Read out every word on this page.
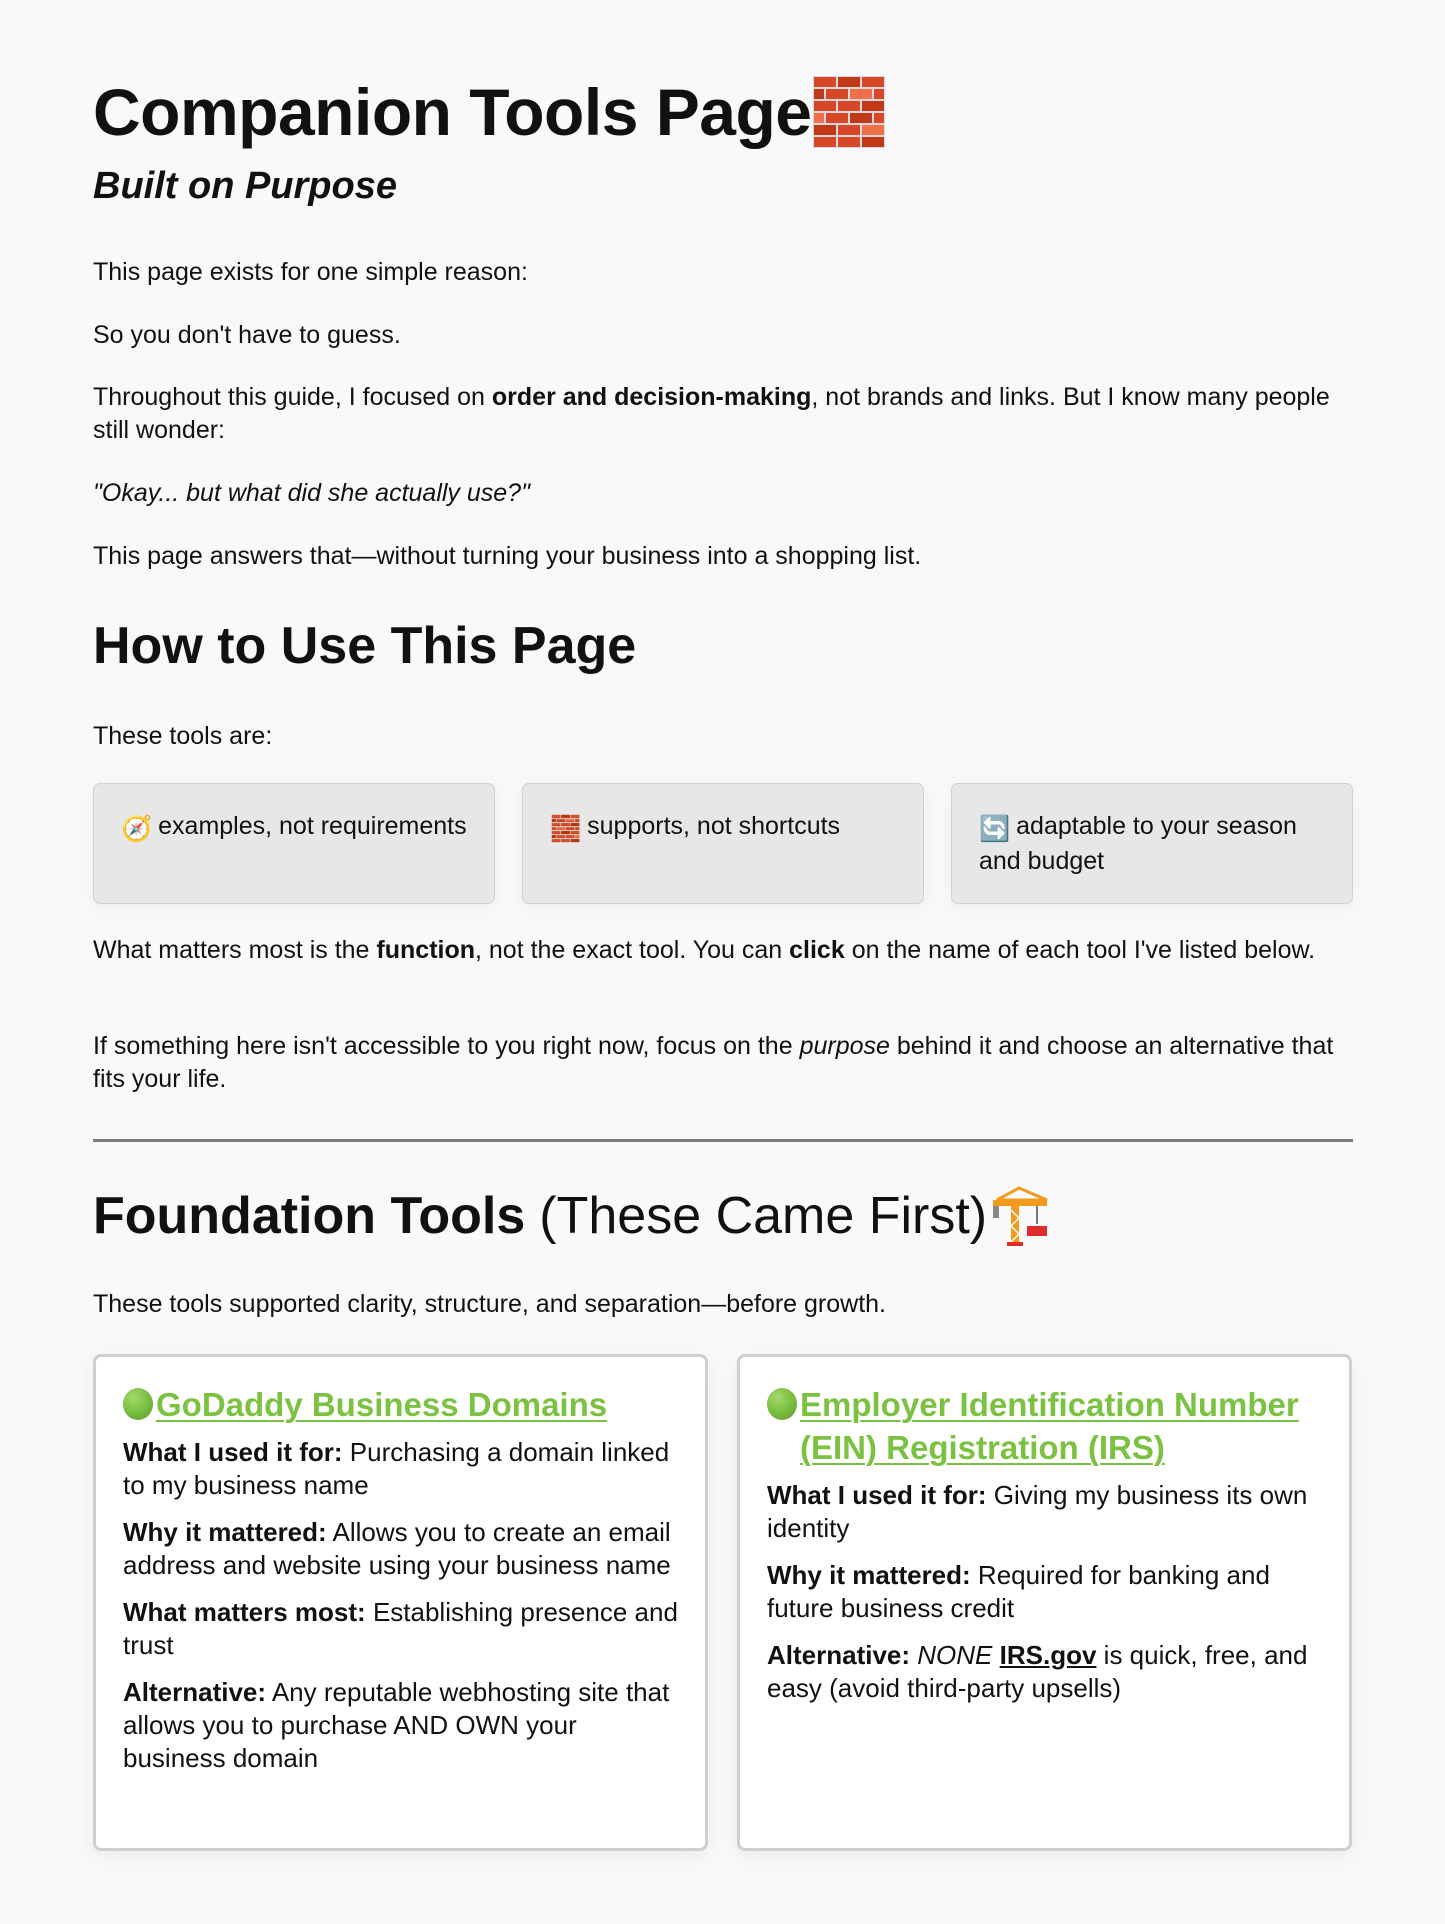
Companion Tools Page
Built on Purpose

This page exists for one simple reason:

So you don't have to guess.

Throughout this guide, I focused on order and decision-making, not brands and links. But I know many people still wonder:

"Okay... but what did she actually use?"

This page answers that—without turning your business into a shopping list.

How to Use This Page

These tools are:

🧭 examples, not requirements	🧱 supports, not shortcuts	🔄 adaptable to your season and budget

What matters most is the function, not the exact tool. You can click on the name of each tool I've listed below.

If something here isn't accessible to you right now, focus on the purpose behind it and choose an alternative that fits your life.

Foundation Tools (These Came First)

These tools supported clarity, structure, and separation—before growth.

GoDaddy Business Domains

What I used it for: Purchasing a domain linked to my business name

Why it mattered: Allows you to create an email address and website using your business name

What matters most: Establishing presence and trust

Alternative: Any reputable webhosting site that allows you to purchase AND OWN your business domain

Employer Identification Number (EIN) Registration (IRS)

What I used it for: Giving my business its own identity

Why it mattered: Required for banking and future business credit

Alternative: NONE IRS.gov is quick, free, and easy (avoid third-party upsells)
